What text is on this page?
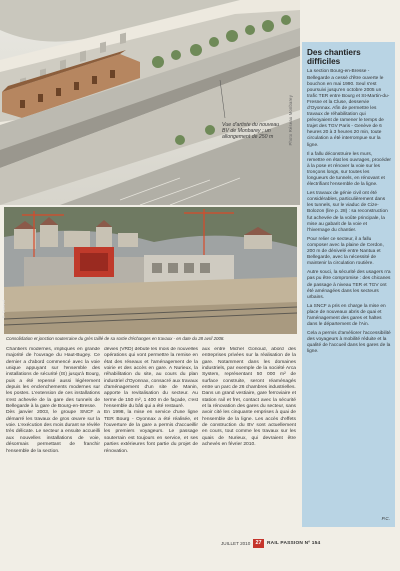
Vue d'artiste du nouveau BV de Monbarey ; un allongement de 250 m	Photo Réseau Monbarey
Des chantiers difficiles

La section Bourg-en-Bresse - Bellegarde a cessé d'être ouverte le bouchon en mai 1990. Seul s'est poursuivi jusqu'en octobre 2005 un trafic TER entre Bourg et St-Martin-du-Fresne et la Cluse, desservie d'Oyonnax. Afin de permettre les travaux de réhabilitation qui prévoyaient de ramener le temps de trajet des TGV Paris - Genève de 6 heures 20 à 3 heures 20 min, toute circulation a été interrompue sur la ligne.

Il a fallu déconstruire les murs, remettre en état les ouvrages, procéder à la pose et rénover la voie sur les tronçons longs, sur toutes les longueurs de tunnels, en rénovant et électrifiant l'ensemble de la ligne.

Les travaux de génie civil ont été considérables, particulièrement dans les tunnels, sur le viaduc de Cize-Bolozon (lire p. 28) : sa reconstruction fut achevée de la voûte principale, la mise au gabarit de la voie et l'hivernage du chantier.

Pour relier ce secteur, il a fallu composer avec la plaine de Cerdon, 200 m de dénivelé entre Nantua et Bellegarde, avec la nécessité de maintenir la circulation routière.

Autre souci, la sécurité des usagers n'a pas pu être compromise : des chicanes de passage à niveau TER et TGV ont été aménagées dans les secteurs urbains.

La SNCF a pris en charge la mise en place de nouveaux abris de quai et l'aménagement des gares et haltes dans le département de l'Ain.

Cela a permis d'améliorer l'accessibilité des voyageurs à mobilité réduite et la qualité de l'accueil dans les gares de la ligne.

P.C.
R. Durand
Consolidation et jonction souterraine du grès taillé de sa sortie d'échanges en travaux - en date du 28 avril 2008.
Chantiers modernes, impliqués en grande majorité de l'ouvrage du Haut-Bugey. Ce dernier a d'abord commencé avec la voie unique appuyant sur l'ensemble des installations de sécurité (IS) jusqu'à Bourg, puis a été repensé aussi légèrement depuis les enclenchements modernes sur les postes. L'extension de ces installations s'est achevée de la gare des tunnels de Bellegarde à la gare de Bourg-en-Bresse.
Dès janvier 2003, le groupe SNCF a démarré les travaux de gros œuvre sur la voie. L'exécution des mois durant se révèle très délicate. Le secteur a ensuite accueilli aux nouvelles installations de voie, désormais permettant de franchir l'ensemble de la section.
dévies (VRD) débute les mois de nouvelles opérations qui vont permettre la remise en état des réseaux et l'aménagement de la voirie et des accès en gare. A Nurieux, la réhabilitation du site, au cours du plan industriel d'Oyonnax, consacré aux travaux d'aménagement d'un site de Manin, apporte la revitalisation du secteur. Au terme de 150 m², 1 400 m de façade, c'est l'ensemble du bâti qui a été restauré.
En 1998, la mise en service d'une ligne TER Bourg - Oyonnax a été réalisée, et l'ouverture de la gare a permis d'accueillir les premiers voyageurs. Le passage souterrain est toujours en service, et ses parties extérieures font partie du projet de rénovation.
aux entre Michel Gonoud, abord des entreprises privées sur la réalisation de la gare. Notamment dans les domaines industriels, par exemple de la société Arca System, représentant 50 000 m² de surface construite, seront réaménagés entre un parc de 26 chambres industrielles.
Dans un grand vestiaire, gare ferroviaire et station rail et fret, contact avec la sécurité et la rénovation des gares du secteur, sans avoir cité les cinquante emprises à quai de l'ensemble de la ligne. Les accès d'effets de construction du BV sont actuellement en cours, tout comme les travaux sur les quais de Nurieux, qui devraient être achevés en février 2010.
JUILLET 2010 27	RAIL PASSION Nº 154
